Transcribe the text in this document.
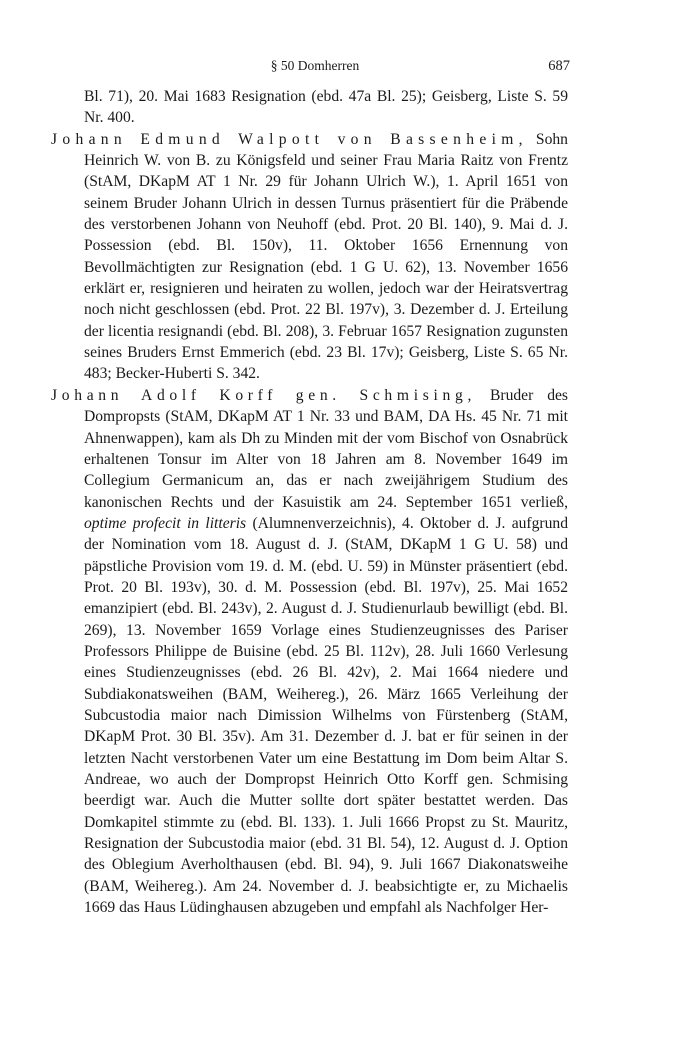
§ 50 Domherren	687

Bl. 71), 20. Mai 1683 Resignation (ebd. 47a Bl. 25); Geisberg, Liste S. 59 Nr. 400.

Johann Edmund Walpott von Bassenheim, Sohn Heinrich W. von B. zu Königsfeld und seiner Frau Maria Raitz von Frentz (StAM, DKapM AT 1 Nr. 29 für Johann Ulrich W.), 1. April 1651 von seinem Bruder Johann Ulrich in dessen Turnus präsentiert für die Präbende des verstorbenen Johann von Neuhoff (ebd. Prot. 20 Bl. 140), 9. Mai d. J. Possession (ebd. Bl. 150v), 11. Oktober 1656 Ernennung von Bevollmächtigten zur Resignation (ebd. 1 G U. 62), 13. November 1656 erklärt er, resignieren und heiraten zu wollen, jedoch war der Heiratsvertrag noch nicht geschlossen (ebd. Prot. 22 Bl. 197v), 3. Dezember d. J. Erteilung der licentia resignandi (ebd. Bl. 208), 3. Februar 1657 Resignation zugunsten seines Bruders Ernst Emmerich (ebd. 23 Bl. 17v); Geisberg, Liste S. 65 Nr. 483; Becker-Huberti S. 342.

Johann Adolf Korff gen. Schmising, Bruder des Dompropsts (StAM, DKapM AT 1 Nr. 33 und BAM, DA Hs. 45 Nr. 71 mit Ahnenwappen), kam als Dh zu Minden mit der vom Bischof von Osnabrück erhaltenen Tonsur im Alter von 18 Jahren am 8. November 1649 im Collegium Germanicum an, das er nach zweijährigem Studium des kanonischen Rechts und der Kasuistik am 24. September 1651 verließ, optime profecit in litteris (Alumnenverzeichnis), 4. Oktober d. J. aufgrund der Nomination vom 18. August d. J. (StAM, DKapM 1 G U. 58) und päpstliche Provision vom 19. d. M. (ebd. U. 59) in Münster präsentiert (ebd. Prot. 20 Bl. 193v), 30. d. M. Possession (ebd. Bl. 197v), 25. Mai 1652 emanzipiert (ebd. Bl. 243v), 2. August d. J. Studienurlaub bewilligt (ebd. Bl. 269), 13. November 1659 Vorlage eines Studienzeugnisses des Pariser Professors Philippe de Buisine (ebd. 25 Bl. 112v), 28. Juli 1660 Verlesung eines Studienzeugnisses (ebd. 26 Bl. 42v), 2. Mai 1664 niedere und Subdiakonatsweihen (BAM, Weihereg.), 26. März 1665 Verleihung der Subcustodia maior nach Dimission Wilhelms von Fürstenberg (StAM, DKapM Prot. 30 Bl. 35v). Am 31. Dezember d. J. bat er für seinen in der letzten Nacht verstorbenen Vater um eine Bestattung im Dom beim Altar S. Andreae, wo auch der Dompropst Heinrich Otto Korff gen. Schmising beerdigt war. Auch die Mutter sollte dort später bestattet werden. Das Domkapitel stimmte zu (ebd. Bl. 133). 1. Juli 1666 Propst zu St. Mauritz, Resignation der Subcustodia maior (ebd. 31 Bl. 54), 12. August d. J. Option des Oblegium Averholthausen (ebd. Bl. 94), 9. Juli 1667 Diakonatsweihe (BAM, Weihereg.). Am 24. November d. J. beabsichtigte er, zu Michaelis 1669 das Haus Lüdinghausen abzugeben und empfahl als Nachfolger Her-
